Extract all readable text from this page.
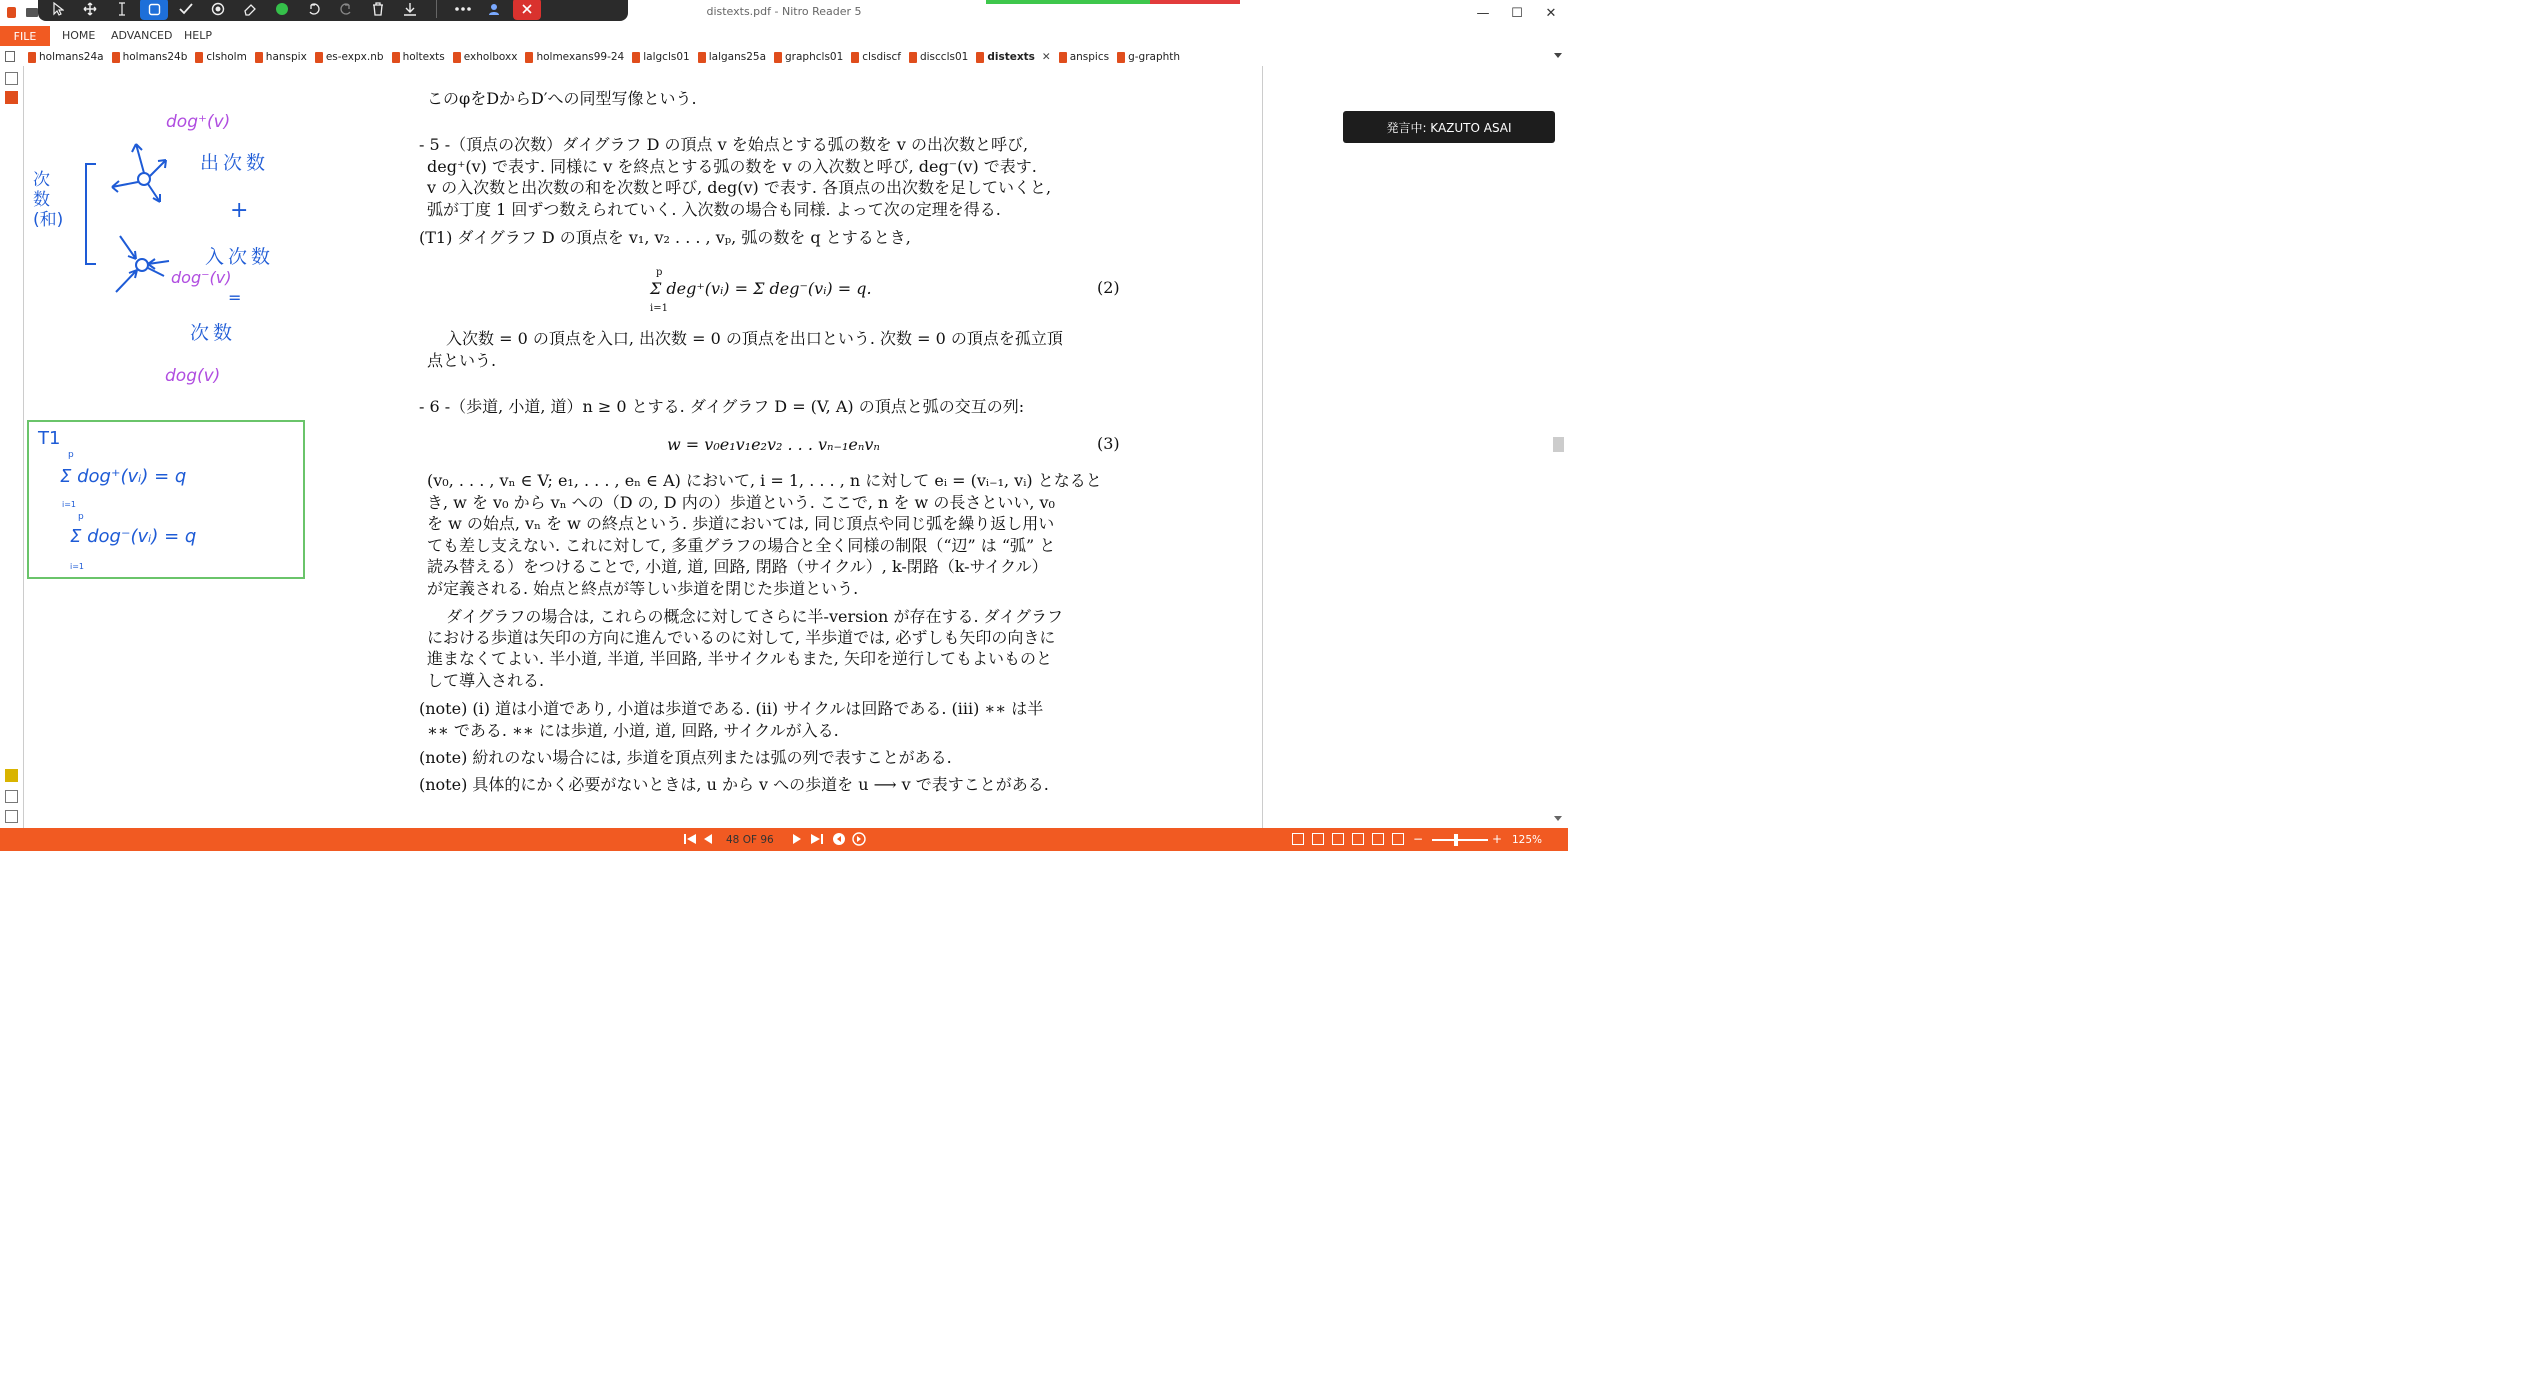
distexts.pdf - Nitro Reader 5	—	☐	✕
FILE	HOME ADVANCED HELP
holmans24a holmans24b clsholm hanspix es-expx.nb holtexts exholboxx holmexans99-24 lalgcls01 lalgans25a graphcls01 clsdiscf disccls01 distexts ✕ anspics g-graphth
dog⁺(v)
出次数
+
入次数
dog⁻(v)
=
次数
dog(v)
次数(和)
T1
p
Σ dog⁺(vᵢ) = q
i=1
p
Σ dog⁻(vᵢ) = q
i=1
このφをDからD′への同型写像という.
- 5 -（頂点の次数）ダイグラフ D の頂点 v を始点とする弧の数を v の出次数と呼び,
deg⁺(v) で表す. 同様に v を終点とする弧の数を v の入次数と呼び, deg⁻(v) で表す.
v の入次数と出次数の和を次数と呼び, deg(v) で表す. 各頂点の出次数を足していくと,
弧が丁度 1 回ずつ数えられていく. 入次数の場合も同様. よって次の定理を得る.
(T1) ダイグラフ D の頂点を v₁, v₂ . . . , vₚ, 弧の数を q とするとき,
p
Σ deg⁺(vᵢ) = Σ deg⁻(vᵢ) = q.
i=1
(2)
入次数 = 0 の頂点を入口, 出次数 = 0 の頂点を出口という. 次数 = 0 の頂点を孤立頂
点という.
- 6 -（歩道, 小道, 道）n ≥ 0 とする. ダイグラフ D = (V, A) の頂点と弧の交互の列:
w = v₀e₁v₁e₂v₂ . . . vₙ₋₁eₙvₙ	(3)
(v₀, . . . , vₙ ∈ V; e₁, . . . , eₙ ∈ A) において, i = 1, . . . , n に対して eᵢ = (vᵢ₋₁, vᵢ) となると
き, w を v₀ から vₙ への（D の, D 内の）歩道という. ここで, n を w の長さといい, v₀
を w の始点, vₙ を w の終点という. 歩道においては, 同じ頂点や同じ弧を繰り返し用い
ても差し支えない. これに対して, 多重グラフの場合と全く同様の制限（“辺” は “弧” と
読み替える）をつけることで, 小道, 道, 回路, 閉路（サイクル）, k-閉路（k-サイクル）
が定義される. 始点と終点が等しい歩道を閉じた歩道という.
ダイグラフの場合は, これらの概念に対してさらに半-version が存在する. ダイグラフ
における歩道は矢印の方向に進んでいるのに対して, 半歩道では, 必ずしも矢印の向きに
進まなくてよい. 半小道, 半道, 半回路, 半サイクルもまた, 矢印を逆行してもよいものと
して導入される.
(note) (i) 道は小道であり, 小道は歩道である. (ii) サイクルは回路である. (iii) ∗∗ は半
∗∗ である. ∗∗ には歩道, 小道, 道, 回路, サイクルが入る.
(note) 紛れのない場合には, 歩道を頂点列または弧の列で表すことがある.
(note) 具体的にかく必要がないときは, u から v への歩道を u ⟶ v で表すことがある.
発言中: KAZUTO ASAI
48 OF 96	−	+ 125%
